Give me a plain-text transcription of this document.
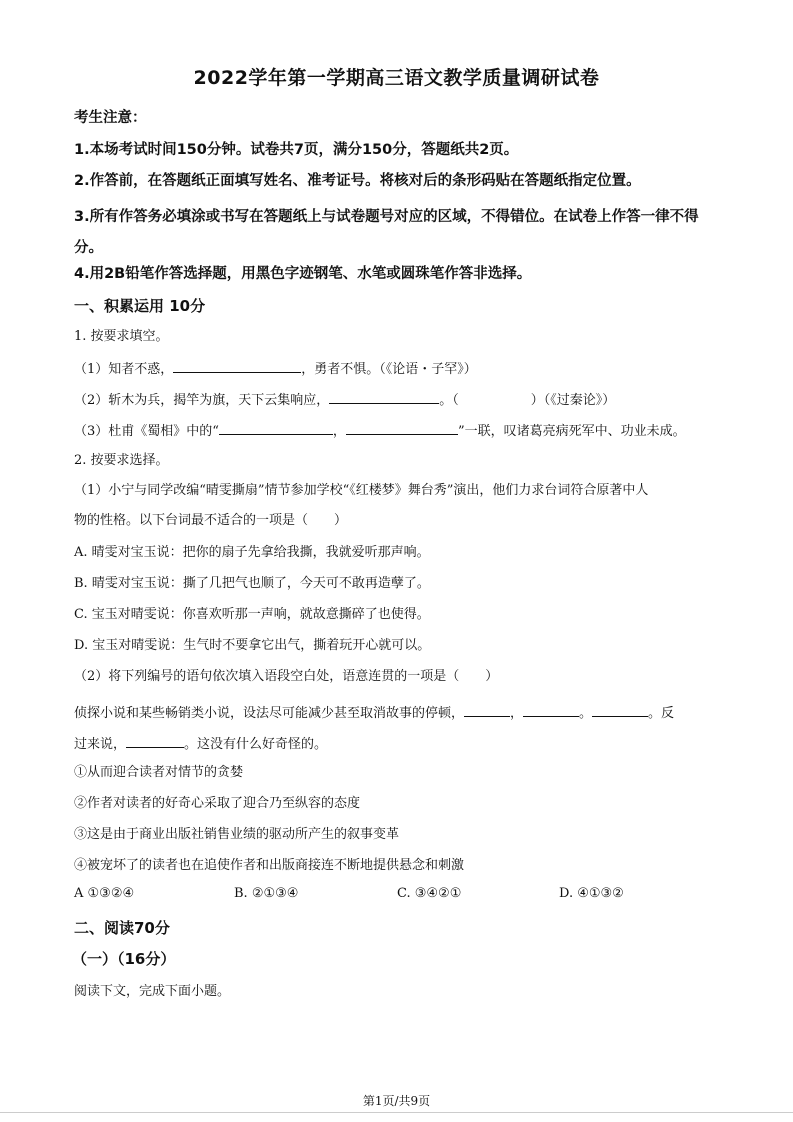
2022学年第一学期高三语文教学质量调研试卷
考生注意：
1.本场考试时间150分钟。试卷共7页，满分150分，答题纸共2页。
2.作答前，在答题纸正面填写姓名、准考证号。将核对后的条形码贴在答题纸指定位置。
3.所有作答务必填涂或书写在答题纸上与试卷题号对应的区域，不得错位。在试卷上作答一律不得分。
4.用2B铅笔作答选择题，用黑色字迹钢笔、水笔或圆珠笔作答非选择。
一、积累运用 10分
1. 按要求填空。
（1）知者不惑，	，勇者不惧。（《论语・子罕》）
（2）斩木为兵，揭竿为旗，天下云集响应，	。（	）（《过秦论》）
（3）杜甫《蜀相》中的“	，	”一联，叹诸葛亮病死军中、功业未成。
2. 按要求选择。
（1）小宁与同学改编“晴雯撕扇”情节参加学校“《红楼梦》舞台秀”演出，他们力求台词符合原著中人
物的性格。以下台词最不适合的一项是（　　）
A. 晴雯对宝玉说：把你的扇子先拿给我撕，我就爱听那声响。
B. 晴雯对宝玉说：撕了几把气也顺了，今天可不敢再造孽了。
C. 宝玉对晴雯说：你喜欢听那一声响，就故意撕碎了也使得。
D. 宝玉对晴雯说：生气时不要拿它出气，撕着玩开心就可以。
（2）将下列编号的语句依次填入语段空白处，语意连贯的一项是（　　）
侦探小说和某些畅销类小说，设法尽可能减少甚至取消故事的停顿，	，	。	。反
过来说，	。这没有什么好奇怪的。
①从而迎合读者对情节的贪婪
②作者对读者的好奇心采取了迎合乃至纵容的态度
③这是由于商业出版社销售业绩的驱动所产生的叙事变革
④被宠坏了的读者也在追使作者和出版商接连不断地提供悬念和刺激
A ①③②④	B. ②①③④	C. ③④②①	D. ④①③②
二、阅读70分
（一）（16分）
阅读下文，完成下面小题。
第1页/共9页
